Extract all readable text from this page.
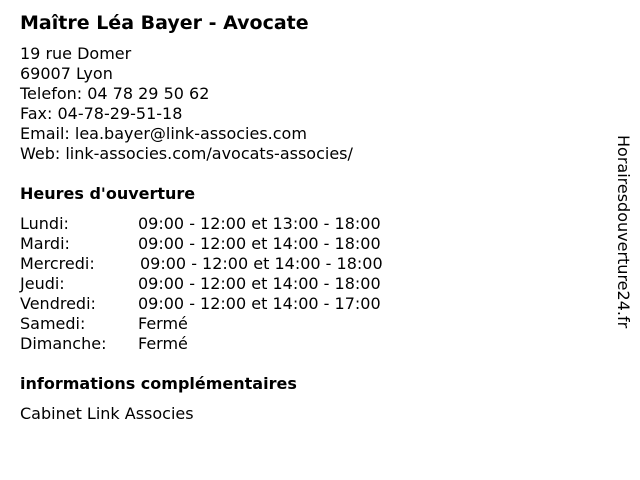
Maître Léa Bayer - Avocate
19 rue Domer
69007 Lyon
Telefon: 04 78 29 50 62
Fax: 04-78-29-51-18
Email: lea.bayer@link-associes.com
Web: link-associes.com/avocats-associes/
Heures d'ouverture
Lundi:	09:00 - 12:00 et 13:00 - 18:00
Mardi:	09:00 - 12:00 et 14:00 - 18:00
Mercredi:	09:00 - 12:00 et 14:00 - 18:00
Jeudi:	09:00 - 12:00 et 14:00 - 18:00
Vendredi:	09:00 - 12:00 et 14:00 - 17:00
Samedi:	Fermé
Dimanche: Fermé
informations complémentaires
Cabinet Link Associes
Horairesdouverture24.fr
